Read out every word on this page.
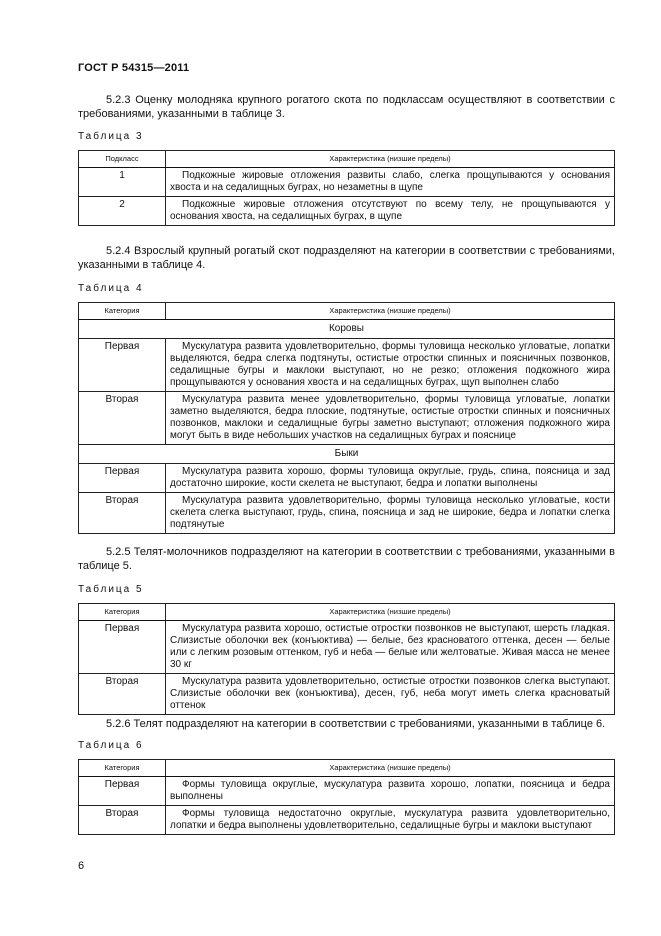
ГОСТ Р 54315—2011
5.2.3 Оценку молодняка крупного рогатого скота по подклассам осуществляют в соответствии с требованиями, указанными в таблице 3.
Таблица 3
Подкласс	Характеристика (низшие пределы)
1	Подкожные жировые отложения развиты слабо, слегка прощупываются у основания хвоста и на седалищных буграх, но незаметны в щупе
2	Подкожные жировые отложения отсутствуют по всему телу, не прощупываются у основания хвоста, на седалищных буграх, в щупе
5.2.4 Взрослый крупный рогатый скот подразделяют на категории в соответствии с требованиями, указанными в таблице 4.
Таблица 4
Категория	Характеристика (низшие пределы)
Коровы	
Первая	Мускулатура развита удовлетворительно, формы туловища несколько угловатые, лопатки выделяются, бедра слегка подтянуты, остистые отростки спинных и поясничных позвонков, седалищные бугры и маклоки выступают, но не резко; отложения подкожного жира прощупываются у основания хвоста и на седалищных буграх, щуп выполнен слабо
Вторая	Мускулатура развита менее удовлетворительно, формы туловища угловатые, лопатки заметно выделяются, бедра плоские, подтянутые, остистые отростки спинных и поясничных позвонков, маклоки и седалищные бугры заметно выступают; отложения подкожного жира могут быть в виде небольших участков на седалищных буграх и пояснице
Быки	
Первая	Мускулатура развита хорошо, формы туловища округлые, грудь, спина, поясница и зад достаточно широкие, кости скелета не выступают, бедра и лопатки выполнены
Вторая	Мускулатура развита удовлетворительно, формы туловища несколько угловатые, кости скелета слегка выступают, грудь, спина, поясница и зад не широкие, бедра и лопатки слегка подтянутые
5.2.5 Телят-молочников подразделяют на категории в соответствии с требованиями, указанными в таблице 5.
Таблица 5
Категория	Характеристика (низшие пределы)
Первая	Мускулатура развита хорошо, остистые отростки позвонков не выступают, шерсть гладкая. Слизистые оболочки век (конъюктива) — белые, без красноватого оттенка, десен — белые или с легким розовым оттенком, губ и неба — белые или желтоватые. Живая масса не менее 30 кг
Вторая	Мускулатура развита удовлетворительно, остистые отростки позвонков слегка выступают. Слизистые оболочки век (конъюктива), десен, губ, неба могут иметь слегка красноватый оттенок
5.2.6 Телят подразделяют на категории в соответствии с требованиями, указанными в таблице 6.
Таблица 6
Категория	Характеристика (низшие пределы)
Первая	Формы туловища округлые, мускулатура развита хорошо, лопатки, поясница и бедра выполнены
Вторая	Формы туловища недостаточно округлые, мускулатура развита удовлетворительно, лопатки и бедра выполнены удовлетворительно, седалищные бугры и маклоки выступают
6
